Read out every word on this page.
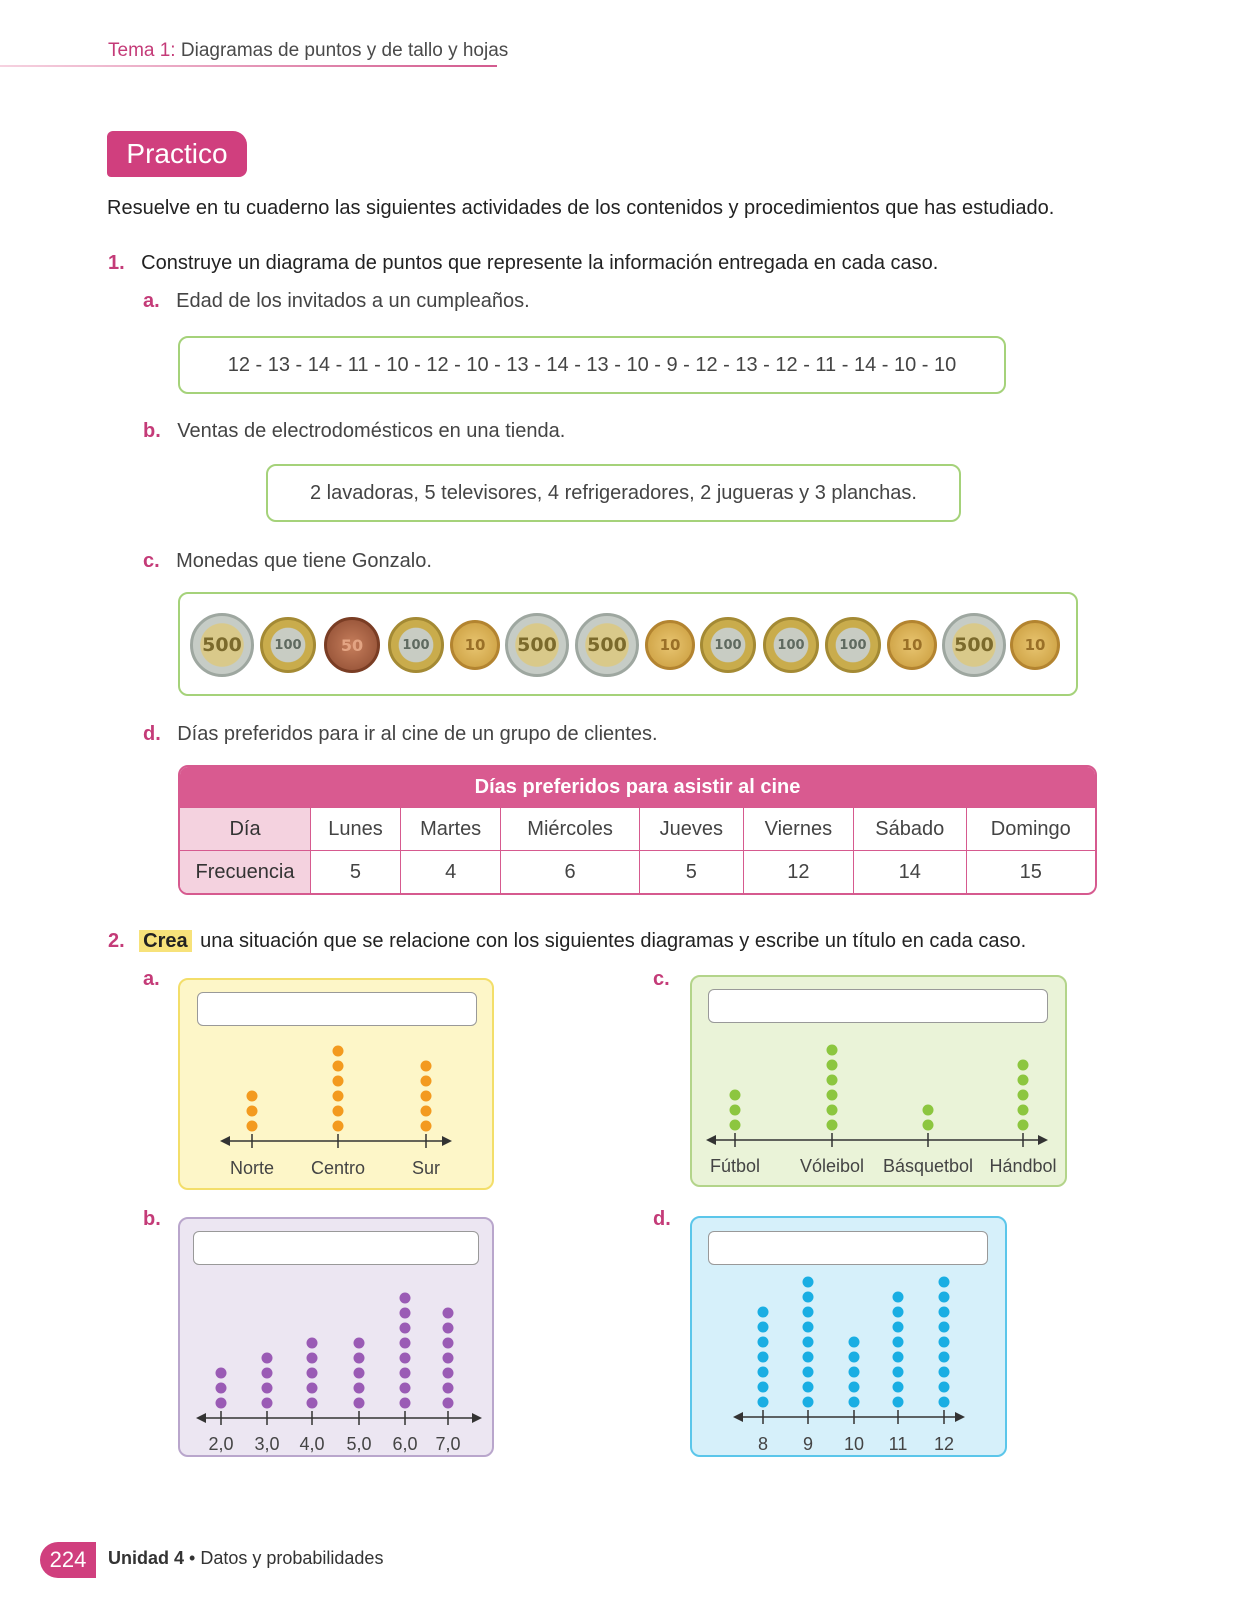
Tema 1: Diagramas de puntos y de tallo y hojas
Practico
Resuelve en tu cuaderno las siguientes actividades de los contenidos y procedimientos que has estudiado.
1. Construye un diagrama de puntos que represente la información entregada en cada caso.
a. Edad de los invitados a un cumpleaños.
12 - 13 - 14 - 11 - 10 - 12 - 10 - 13 - 14 - 13 - 10 - 9 - 12 - 13 - 12 - 11 - 14 - 10 - 10
b. Ventas de electrodomésticos en una tienda.
2 lavadoras, 5 televisores, 4 refrigeradores, 2 jugueras y 3 planchas.
c. Monedas que tiene Gonzalo.
500	100	50	100	10	500	500	10	100	100	100	10	500	10
d. Días preferidos para ir al cine de un grupo de clientes.
Días preferidos para asistir al cine							
Día	Lunes	Martes	Miércoles	Jueves	Viernes	Sábado	Domingo
Frecuencia	5	4	6	5	12	14	15
2. Crea una situación que se relacione con los siguientes diagramas y escribe un título en cada caso.
a.
b.
c.
d.
Norte Centro	Sur
2,0 3,0 4,0 5,0 6,0 7,0
Fútbol Vóleibol Básquetbol Hándbol
8 9 10 11 12
224	Unidad 4 • Datos y probabilidades
